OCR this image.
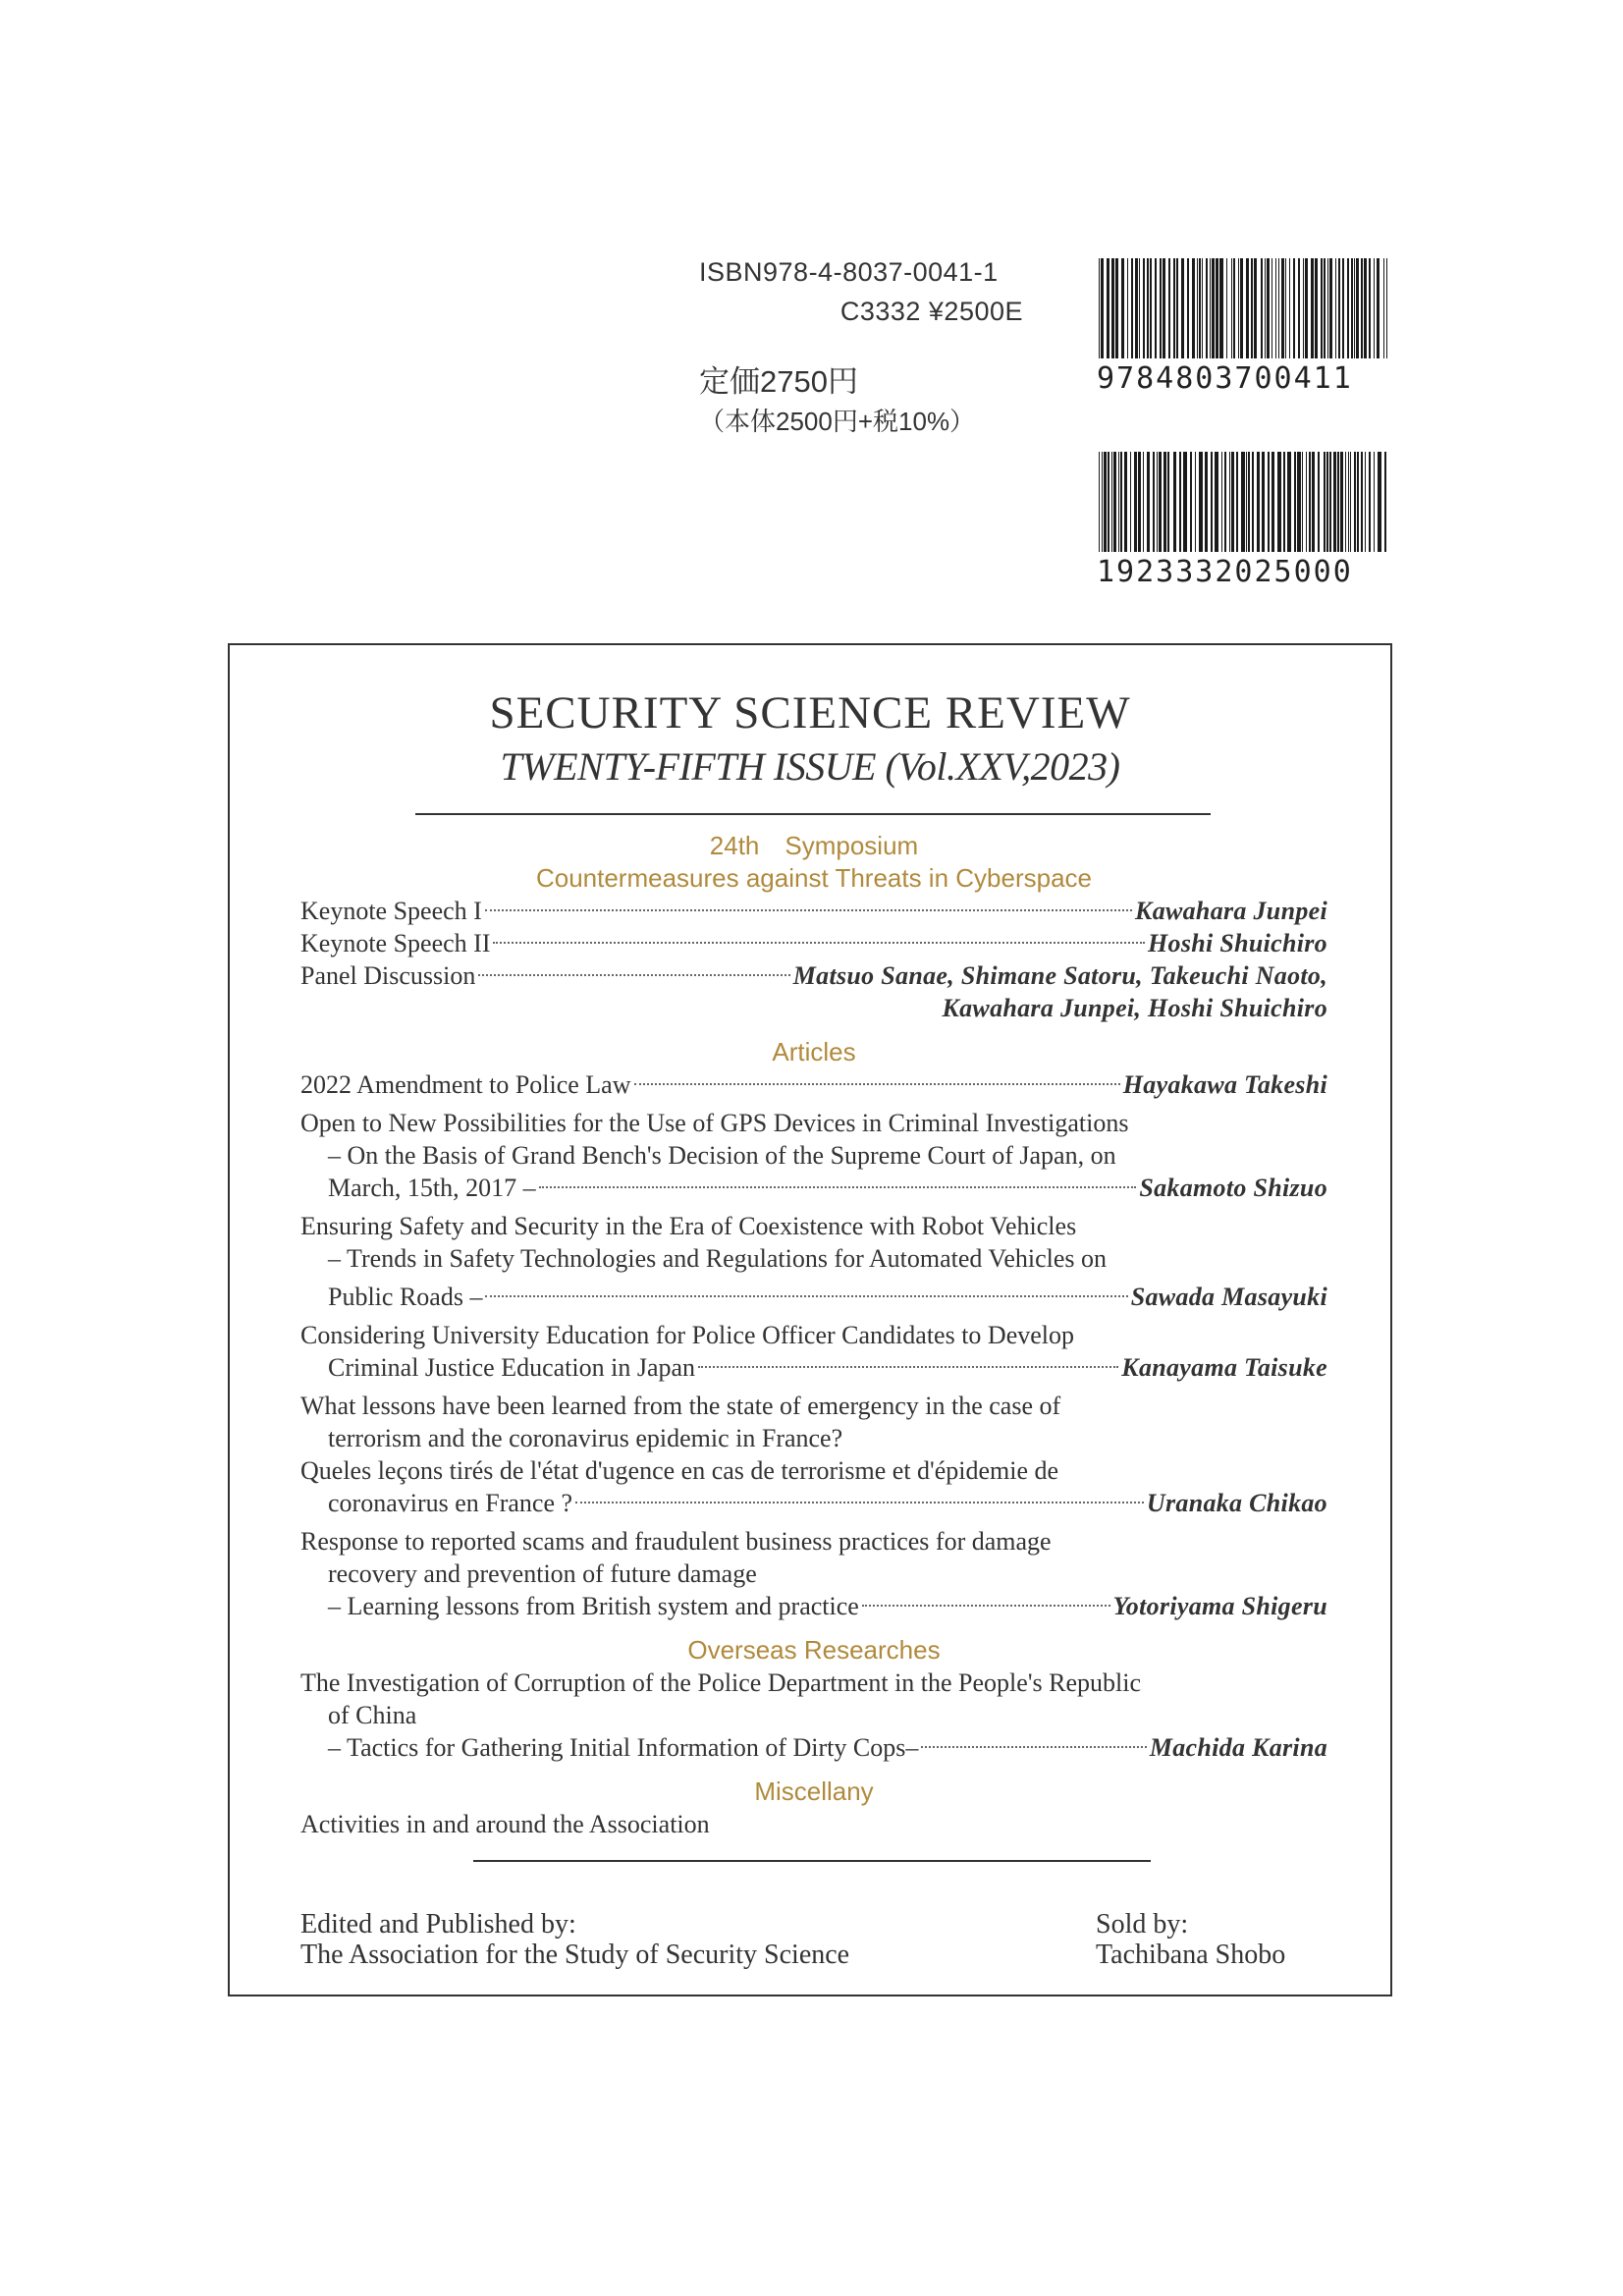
ISBN978-4-8037-0041-1
C3332 ¥2500E
定価2750円
（本体2500円+税10%）
9784803700411
1923332025000
SECURITY SCIENCE REVIEW
TWENTY-FIFTH ISSUE (Vol.XXV,2023)
24th　Symposium
Countermeasures against Threats in Cyberspace
Keynote Speech I	Kawahara Junpei
Keynote Speech II	Hoshi Shuichiro
Panel Discussion	Matsuo Sanae, Shimane Satoru, Takeuchi Naoto,
Kawahara Junpei, Hoshi Shuichiro
Articles
2022 Amendment to Police Law	Hayakawa Takeshi
Open to New Possibilities for the Use of GPS Devices in Criminal Investigations
– On the Basis of Grand Bench's Decision of the Supreme Court of Japan, on
March, 15th, 2017 –	Sakamoto Shizuo
Ensuring Safety and Security in the Era of Coexistence with Robot Vehicles
– Trends in Safety Technologies and Regulations for Automated Vehicles on
Public Roads –	Sawada Masayuki
Considering University Education for Police Officer Candidates to Develop
Criminal Justice Education in Japan	Kanayama Taisuke
What lessons have been learned from the state of emergency in the case of
terrorism and the coronavirus epidemic in France?
Queles leçons tirés de l'état d'ugence en cas de terrorisme et d'épidemie de
coronavirus en France ?	Uranaka Chikao
Response to reported scams and fraudulent business practices for damage
recovery and prevention of future damage
– Learning lessons from British system and practice	Yotoriyama Shigeru
Overseas Researches
The Investigation of Corruption of the Police Department in the People's Republic
of China
– Tactics for Gathering Initial Information of Dirty Cops–	Machida Karina
Miscellany
Activities in and around the Association
Edited and Published by:
The Association for the Study of Security Science
Sold by:
Tachibana Shobo
